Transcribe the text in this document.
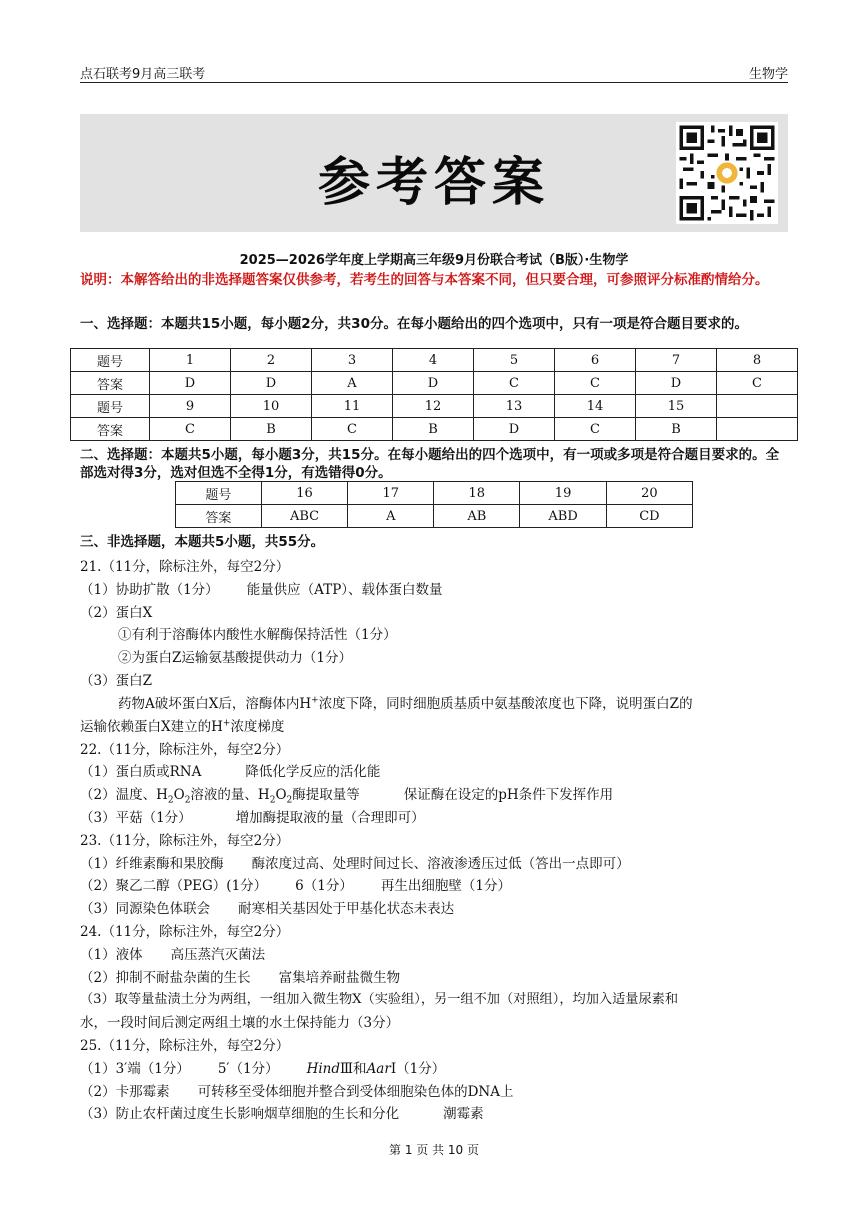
点石联考9月高三联考	生物学
参考答案
2025—2026学年度上学期高三年级9月份联合考试（B版）·生物学
说明：本解答给出的非选择题答案仅供参考，若考生的回答与本答案不同，但只要合理，可参照评分标准酌情给分。
一、选择题：本题共15小题，每小题2分，共30分。在每小题给出的四个选项中，只有一项是符合题目要求的。
题号	1	2	3	4	5	6	7	8
答案	D	D	A	D	C	C	D	C
题号	9	10	11	12	13	14	15	
答案	C	B	C	B	D	C	B	
二、选择题：本题共5小题，每小题3分，共15分。在每小题给出的四个选项中，有一项或多项是符合题目要求的。全部选对得3分，选对但选不全得1分，有选错得0分。
题号	16	17	18	19	20
答案	ABC	A	AB	ABD	CD
三、非选择题，本题共5小题，共55分。
21.（11分，除标注外，每空2分）
（1）协助扩散（1分） 能量供应（ATP）、载体蛋白数量
（2）蛋白X
①有利于溶酶体内酸性水解酶保持活性（1分）
②为蛋白Z运输氨基酸提供动力（1分）
（3）蛋白Z
药物A破坏蛋白X后，溶酶体内H+浓度下降，同时细胞质基质中氨基酸浓度也下降，说明蛋白Z的
运输依赖蛋白X建立的H+浓度梯度
22.（11分，除标注外，每空2分）
（1）蛋白质或RNA	降低化学反应的活化能
（2）温度、$H_2O_2$溶液的量、$H_2O_2$酶提取量等	保证酶在设定的pH条件下发挥作用
（3）平菇（1分）	增加酶提取液的量（合理即可）
23.（11分，除标注外，每空2分）
（1）纤维素酶和果胶酶 酶浓度过高、处理时间过长、溶液渗透压过低（答出一点即可）
（2）聚乙二醇（PEG）(1分） 6（1分） 再生出细胞壁（1分）
（3）同源染色体联会 耐寒相关基因处于甲基化状态未表达
24.（11分，除标注外，每空2分）
（1）液体 高压蒸汽灭菌法
（2）抑制不耐盐杂菌的生长 富集培养耐盐微生物
（3）取等量盐渍土分为两组，一组加入微生物X（实验组），另一组不加（对照组），均加入适量尿素和
水，一段时间后测定两组土壤的水土保持能力（3分）
25.（11分，除标注外，每空2分）
（1）3′端（1分） 5′（1分） HindⅢ和AarⅠ（1分）
（2）卡那霉素 可转移至受体细胞并整合到受体细胞染色体的DNA上
（3）防止农杆菌过度生长影响烟草细胞的生长和分化	潮霉素
第 1 页 共 10 页
